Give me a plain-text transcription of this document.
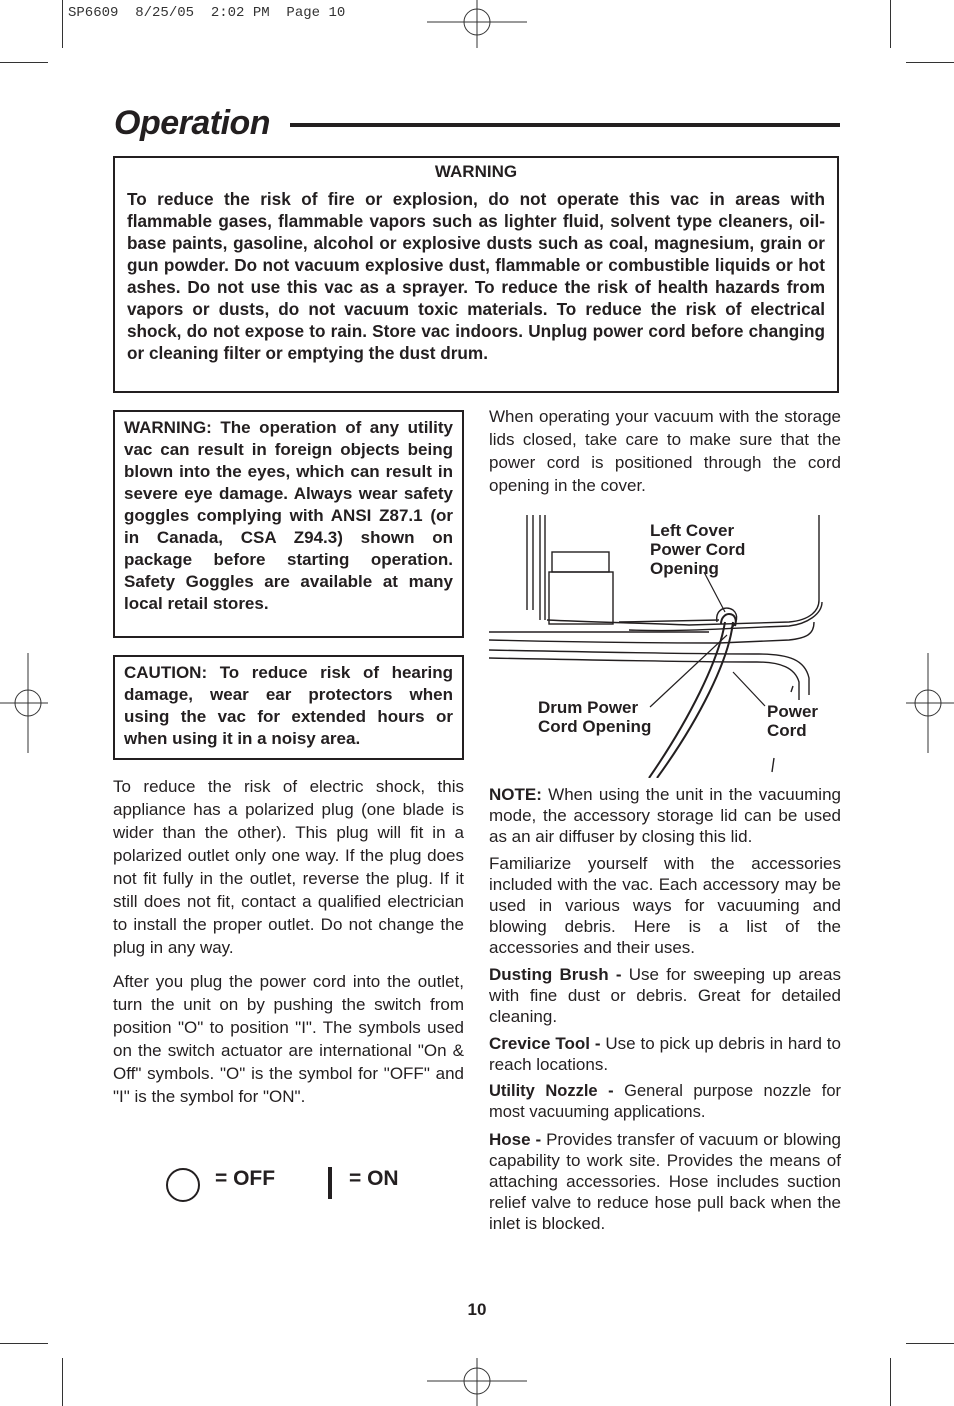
SP6609  8/25/05  2:02 PM  Page 10

Operation

WARNING

To reduce the risk of fire or explosion, do not operate this vac in areas with flammable gases, flammable vapors such as lighter fluid, solvent type cleaners, oil-base paints, gasoline, alcohol or explosive dusts such as coal, magnesium, grain or gun powder. Do not vacuum explosive dust, flammable or combustible liquids or hot ashes. Do not use this vac as a sprayer. To reduce the risk of health hazards from vapors or dusts, do not vacuum toxic materials. To reduce the risk of electrical shock, do not expose to rain. Store vac indoors. Unplug power cord before changing or cleaning filter or emptying the dust drum.

WARNING: The operation of any utility vac can result in foreign objects being blown into the eyes, which can result in severe eye damage. Always wear safety goggles complying with ANSI Z87.1 (or in Canada, CSA Z94.3) shown on package before starting operation. Safety Goggles are available at many local retail stores.

CAUTION: To reduce risk of hearing damage, wear ear protectors when using the vac for extended hours or when using it in a noisy area.

To reduce the risk of electric shock, this appliance has a polarized plug (one blade is wider than the other). This plug will fit in a polarized outlet only one way. If the plug does not fit fully in the outlet, reverse the plug. If it still does not fit, contact a qualified electrician to install the proper outlet. Do not change the plug in any way.

After you plug the power cord into the outlet, turn the unit on by pushing the switch from position "O" to position "I". The symbols used on the switch actuator are international "On & Off" symbols. "O" is the symbol for "OFF" and "I" is the symbol for "ON".

= OFF	= ON

When operating your vacuum with the storage lids closed, take care to make sure that the power cord is positioned through the cord opening in the cover.

Left Cover
Power Cord
Opening
Drum Power
Cord Opening
Power
Cord

NOTE: When using the unit in the vacuuming mode, the accessory storage lid can be used as an air diffuser by closing this lid.

Familiarize yourself with the accessories included with the vac. Each accessory may be used in various ways for vacuuming and blowing debris. Here is a list of the accessories and their uses.

Dusting Brush - Use for sweeping up areas with fine dust or debris. Great for detailed cleaning.

Crevice Tool - Use to pick up debris in hard to reach locations.

Utility Nozzle - General purpose nozzle for most vacuuming applications.

Hose - Provides transfer of vacuum or blowing capability to work site. Provides the means of attaching accessories. Hose includes suction relief valve to reduce hose pull back when the inlet is blocked.

10
